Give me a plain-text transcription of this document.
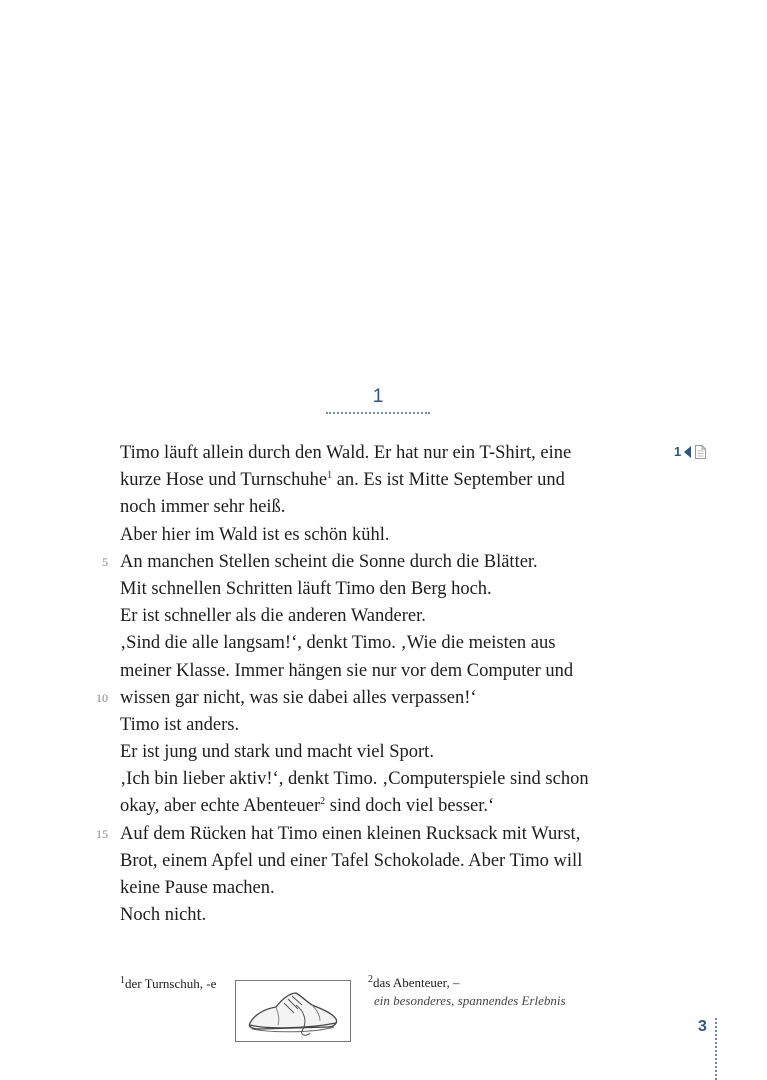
1
1
Timo läuft allein durch den Wald. Er hat nur ein T-Shirt, eine
kurze Hose und Turnschuhe$^1$ an. Es ist Mitte September und
noch immer sehr heiß.
Aber hier im Wald ist es schön kühl.
5 An manchen Stellen scheint die Sonne durch die Blätter.
Mit schnellen Schritten läuft Timo den Berg hoch.
Er ist schneller als die anderen Wanderer.
‚Sind die alle langsam!‘, denkt Timo. ‚Wie die meisten aus
meiner Klasse. Immer hängen sie nur vor dem Computer und
10 wissen gar nicht, was sie dabei alles verpassen!‘
Timo ist anders.
Er ist jung und stark und macht viel Sport.
‚Ich bin lieber aktiv!‘, denkt Timo. ‚Computerspiele sind schon
okay, aber echte Abenteuer$^2$ sind doch viel besser.‘
15 Auf dem Rücken hat Timo einen kleinen Rucksack mit Wurst,
Brot, einem Apfel und einer Tafel Schokolade. Aber Timo will
keine Pause machen.
Noch nicht.
$^1$der Turnschuh, -e	$^2$das Abenteuer, –
ein besonderes, spannendes Erlebnis
3
